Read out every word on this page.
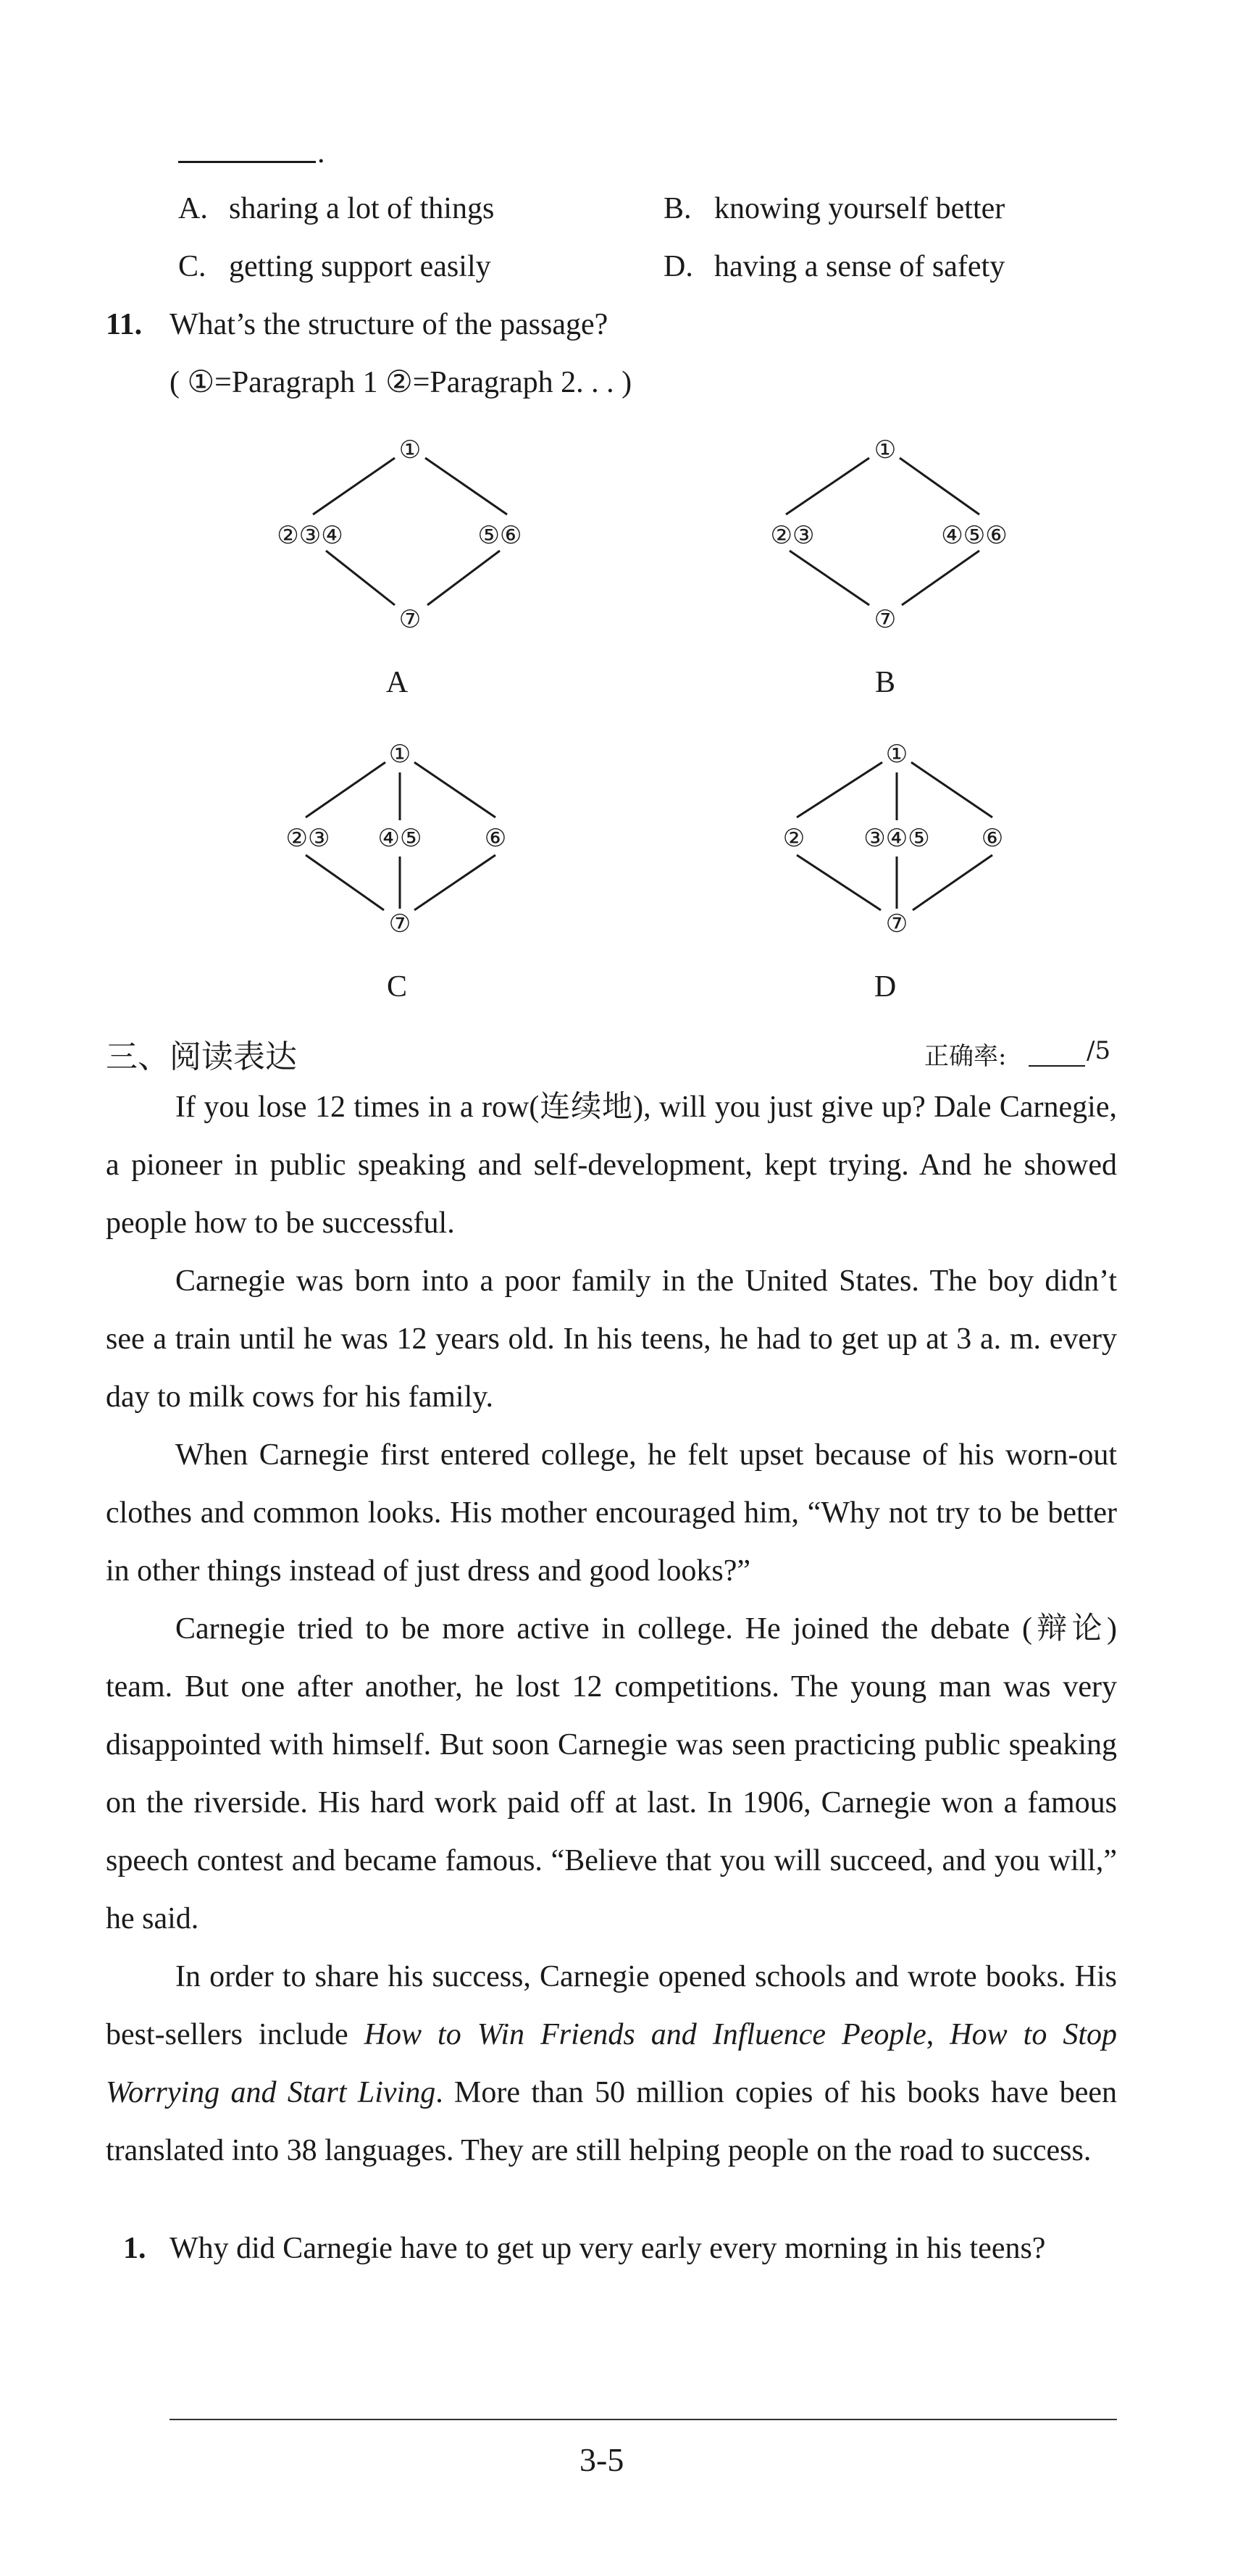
.
A. sharing a lot of things	B. knowing yourself better
C. getting support easily	D. having a sense of safety
11. What’s the structure of the passage?
( ①=Paragraph 1 ②=Paragraph 2. . . )
①
②③④	⑤⑥
⑦
①
②③	④⑤⑥
⑦
①
②③ ④⑤	⑥
⑦
①
② ③④⑤ ⑥
⑦
A	B
C	D
三、阅读表达	正确率:	/5

If you lose 12 times in a row(连续地), will you just give up? Dale Carnegie, a pioneer in public speaking and self-development, kept trying. And he showed people how to be successful.

Carnegie was born into a poor family in the United States. The boy didn’t see a train until he was 12 years old. In his teens, he had to get up at 3 a. m. every day to milk cows for his family.

When Carnegie first entered college, he felt upset because of his worn-out clothes and common looks. His mother encouraged him, “Why not try to be better in other things instead of just dress and good looks?”

Carnegie tried to be more active in college. He joined the debate (辩论) team. But one after another, he lost 12 competitions. The young man was very disappointed with himself. But soon Carnegie was seen practicing public speaking on the riverside. His hard work paid off at last. In 1906, Carnegie won a famous speech contest and became famous. “Believe that you will succeed, and you will,” he said.

In order to share his success, Carnegie opened schools and wrote books. His best-sellers include How to Win Friends and Influence People, How to Stop Worrying and Start Living. More than 50 million copies of his books have been translated into 38 languages. They are still helping people on the road to success.

1. Why did Carnegie have to get up very early every morning in his teens?

3-5
